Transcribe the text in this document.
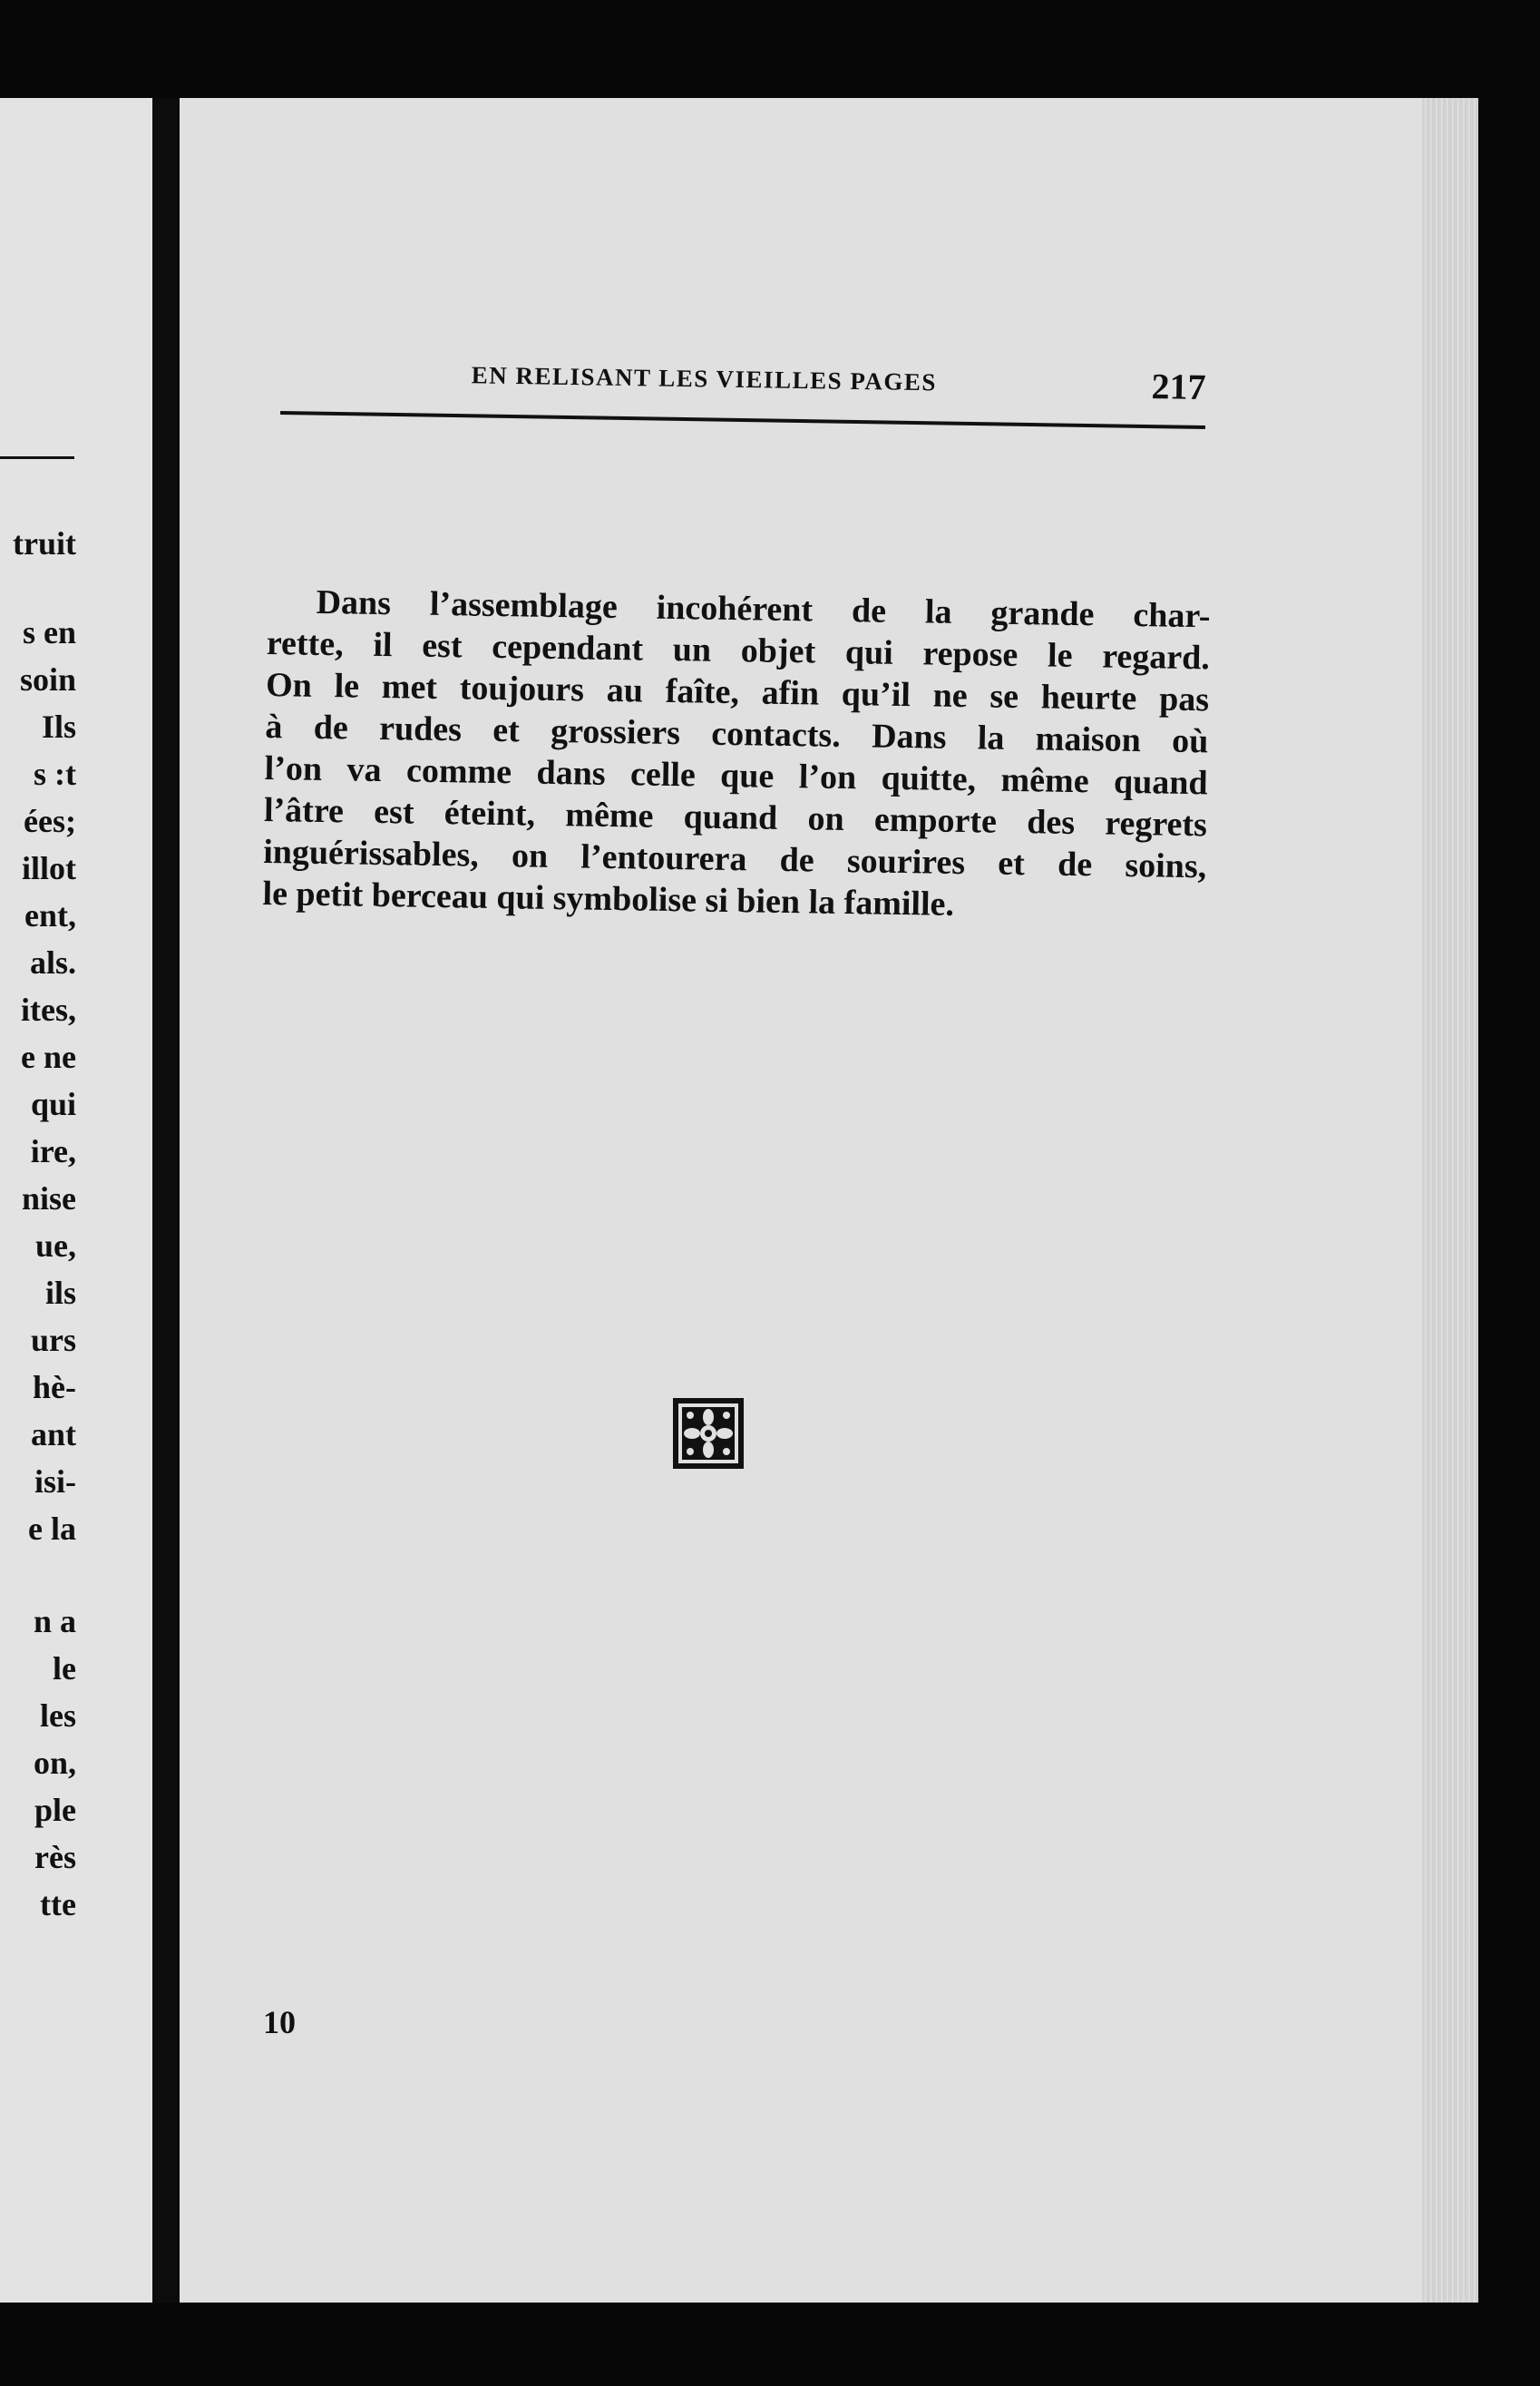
truit
s en
soin
Ils
s :t
ées;
illot
ent,
als.
ites,
e ne
qui
ire,
nise
ue,
ils
urs
hè-
ant
isi-
e la
n a
le
les
on,
ple
rès
tte
EN RELISANT LES VIEILLES PAGES	217
Dans l’assemblage incohérent de la grande char-
rette, il est cependant un objet qui repose le regard.
On le met toujours au faîte, afin qu’il ne se heurte pas
à de rudes et grossiers contacts. Dans la maison où
l’on va comme dans celle que l’on quitte, même quand
l’âtre est éteint, même quand on emporte des regrets
inguérissables, on l’entourera de sourires et de soins,
le petit berceau qui symbolise si bien la famille.
10
